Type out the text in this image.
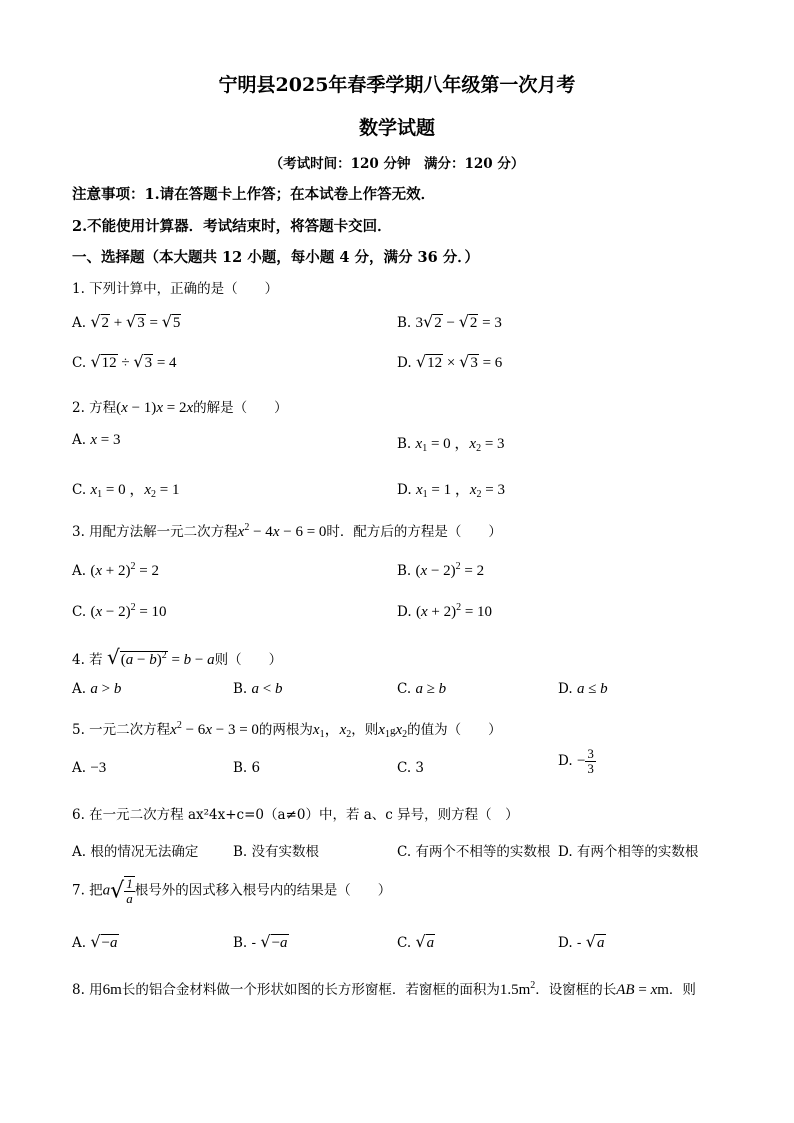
宁明县2025年春季学期八年级第一次月考
数学试题
（考试时间：120 分钟　满分：120 分）
注意事项：1.请在答题卡上作答；在本试卷上作答无效．
2.不能使用计算器．考试结束时，将答题卡交回．
一、选择题（本大题共 12 小题，每小题 4 分，满分 36 分．）
1. 下列计算中，正确的是（　　）
A. √2 + √3 = √5	B. 3√2 − √2 = 3
C. √12 ÷ √3 = 4	D. √12 × √3 = 6
2. 方程(x − 1)x = 2x的解是（　　）
A. x = 3	B. $x_1 = 0$ ，$x_2 = 3$
C. $x_1 = 0$ ，$x_2 = 1$	D. $x_1 = 1$ ，$x_2 = 3$
3. 用配方法解一元二次方程$x^2 - 4x - 6 = 0$时．配方后的方程是（　　）
A. $(x + 2)^2 = 2$	B. $(x - 2)^2 = 2$
C. $(x - 2)^2 = 10$	D. $(x + 2)^2 = 10$
4. 若 $√(a - b)^2 = b - a$则（　　）
A. a > b	B. a < b	C. a ≥ b	D. a ≤ b
5. 一元二次方程$x^2 - 6x - 3 = 0$的两根为$x_1$，$x_2$，则$x_1gx_2$的值为（　　）
A. −3	B. 6	C. 3	D. − $\frac{3}{3}$
6. 在一元二次方程 ax²4x+c=0（a≠0）中，若 a、c 异号，则方程（　）
A. 根的情况无法确定	B. 没有实数根	C. 有两个不相等的实数根 D. 有两个相等的实数根
7. 把$a√ \frac{1}{a}$ 根号外的因式移入根号内的结果是（　　）
A. √−a	B. - √−a	C. √a	D. - √a
8. 用6m长的铝合金材料做一个形状如图的长方形窗框．若窗框的面积为$1.5m^2$．设窗框的长AB = xm．则
